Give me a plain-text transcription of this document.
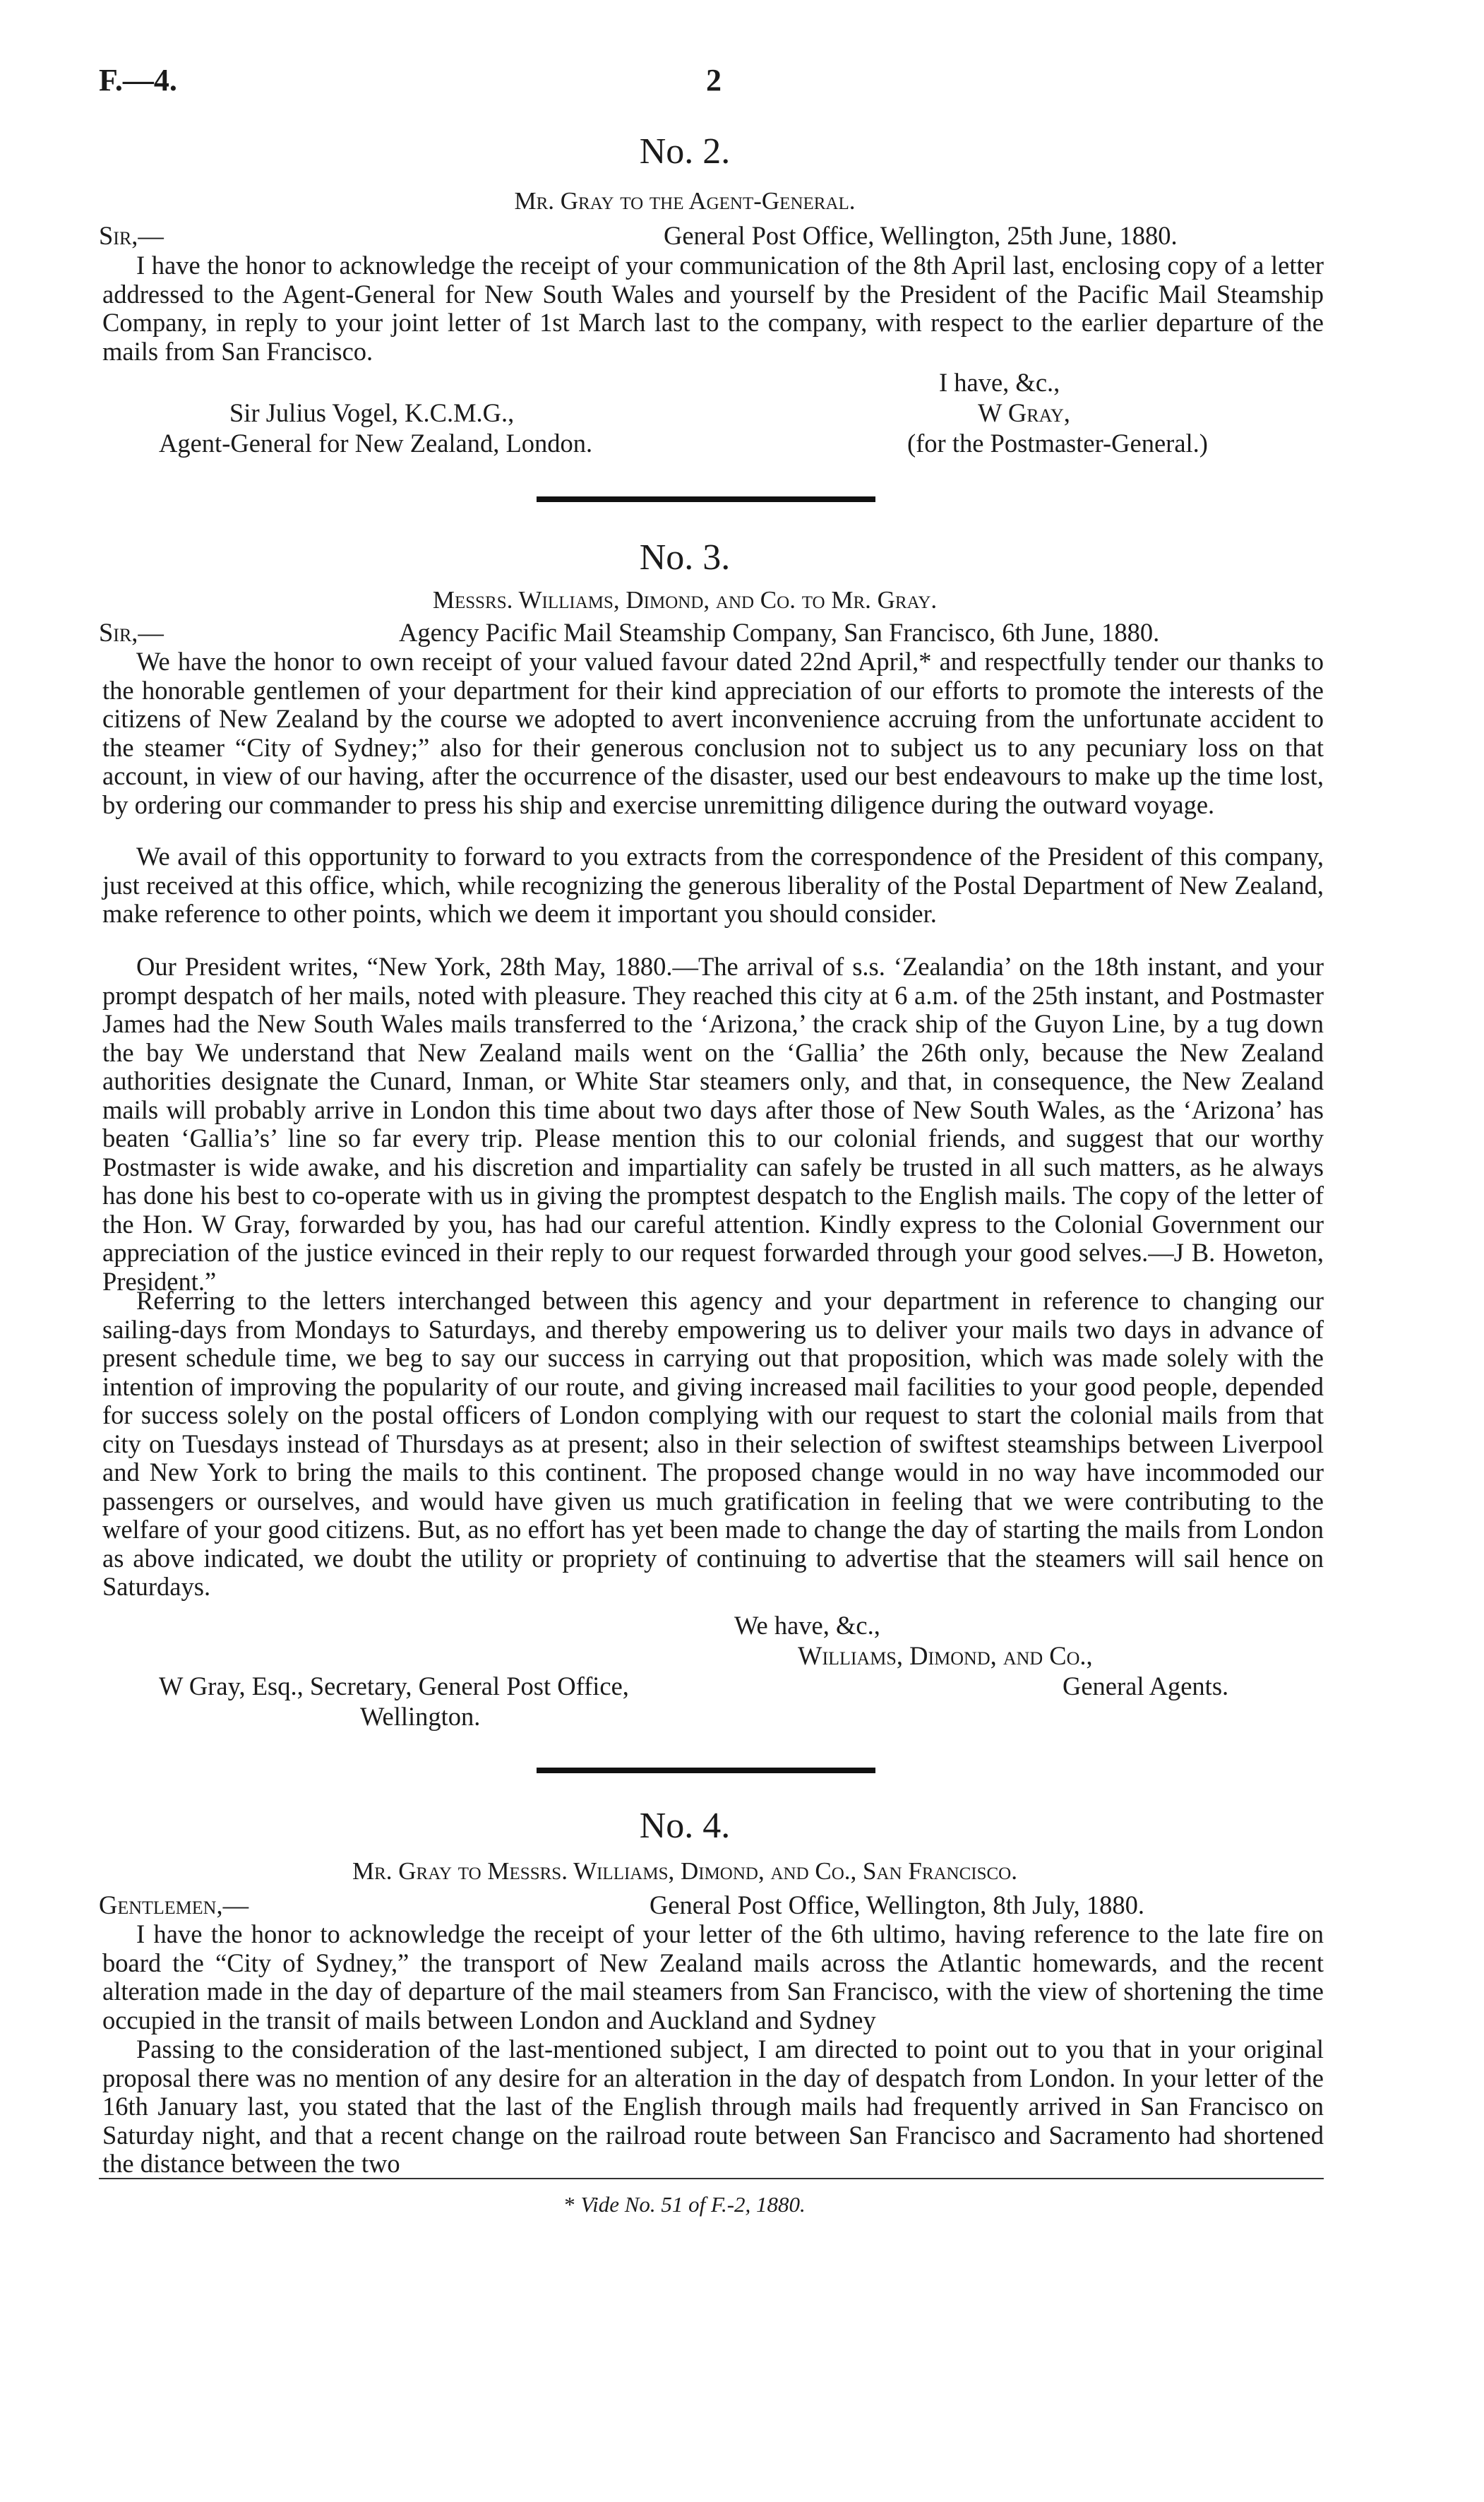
F.—4.	2
No. 2.
Mr. Gray to the Agent-General.
Sir,—	General Post Office, Wellington, 25th June, 1880.

I have the honor to acknowledge the receipt of your communication of the 8th April last, enclosing copy of a letter addressed to the Agent-General for New South Wales and yourself by the President of the Pacific Mail Steamship Company, in reply to your joint letter of 1st March last to the company, with respect to the earlier departure of the mails from San Francisco.

I have, &c.,
Sir Julius Vogel, K.C.M.G.,	W Gray,
Agent-General for New Zealand, London.	(for the Postmaster-General.)
No. 3.
Messrs. Williams, Dimond, and Co. to Mr. Gray.
Sir,—	Agency Pacific Mail Steamship Company, San Francisco, 6th June, 1880.

We have the honor to own receipt of your valued favour dated 22nd April,* and respectfully tender our thanks to the honorable gentlemen of your department for their kind appreciation of our efforts to promote the interests of the citizens of New Zealand by the course we adopted to avert inconvenience accruing from the unfortunate accident to the steamer “City of Sydney;” also for their generous conclusion not to subject us to any pecuniary loss on that account, in view of our having, after the occurrence of the disaster, used our best endeavours to make up the time lost, by ordering our commander to press his ship and exercise unremitting diligence during the outward voyage.

We avail of this opportunity to forward to you extracts from the correspondence of the President of this company, just received at this office, which, while recognizing the generous liberality of the Postal Department of New Zealand, make reference to other points, which we deem it important you should consider.

Our President writes, “New York, 28th May, 1880.—The arrival of s.s. ‘Zealandia’ on the 18th instant, and your prompt despatch of her mails, noted with pleasure. They reached this city at 6 a.m. of the 25th instant, and Postmaster James had the New South Wales mails transferred to the ‘Arizona,’ the crack ship of the Guyon Line, by a tug down the bay We understand that New Zealand mails went on the ‘Gallia’ the 26th only, because the New Zealand authorities designate the Cunard, Inman, or White Star steamers only, and that, in consequence, the New Zealand mails will probably arrive in London this time about two days after those of New South Wales, as the ‘Arizona’ has beaten ‘Gallia’s’ line so far every trip. Please mention this to our colonial friends, and suggest that our worthy Postmaster is wide awake, and his discretion and impartiality can safely be trusted in all such matters, as he always has done his best to co-operate with us in giving the promptest despatch to the English mails. The copy of the letter of the Hon. W Gray, forwarded by you, has had our careful attention. Kindly express to the Colonial Government our appreciation of the justice evinced in their reply to our request forwarded through your good selves.—J B. Howeton, President.”

Referring to the letters interchanged between this agency and your department in reference to changing our sailing-days from Mondays to Saturdays, and thereby empowering us to deliver your mails two days in advance of present schedule time, we beg to say our success in carrying out that proposition, which was made solely with the intention of improving the popularity of our route, and giving increased mail facilities to your good people, depended for success solely on the postal officers of London complying with our request to start the colonial mails from that city on Tuesdays instead of Thursdays as at present; also in their selection of swiftest steamships between Liverpool and New York to bring the mails to this continent. The proposed change would in no way have incommoded our passengers or ourselves, and would have given us much gratification in feeling that we were contributing to the welfare of your good citizens. But, as no effort has yet been made to change the day of starting the mails from London as above indicated, we doubt the utility or propriety of continuing to advertise that the steamers will sail hence on Saturdays.

We have, &c.,
Williams, Dimond, and Co.,
W Gray, Esq., Secretary, General Post Office,	General Agents.
Wellington.
No. 4.
Mr. Gray to Messrs. Williams, Dimond, and Co., San Francisco.
Gentlemen,—	General Post Office, Wellington, 8th July, 1880.

I have the honor to acknowledge the receipt of your letter of the 6th ultimo, having reference to the late fire on board the “City of Sydney,” the transport of New Zealand mails across the Atlantic homewards, and the recent alteration made in the day of departure of the mail steamers from San Francisco, with the view of shortening the time occupied in the transit of mails between London and Auckland and Sydney

Passing to the consideration of the last-mentioned subject, I am directed to point out to you that in your original proposal there was no mention of any desire for an alteration in the day of despatch from London. In your letter of the 16th January last, you stated that the last of the English through mails had frequently arrived in San Francisco on Saturday night, and that a recent change on the railroad route between San Francisco and Sacramento had shortened the distance between the two

* Vide No. 51 of F.-2, 1880.
